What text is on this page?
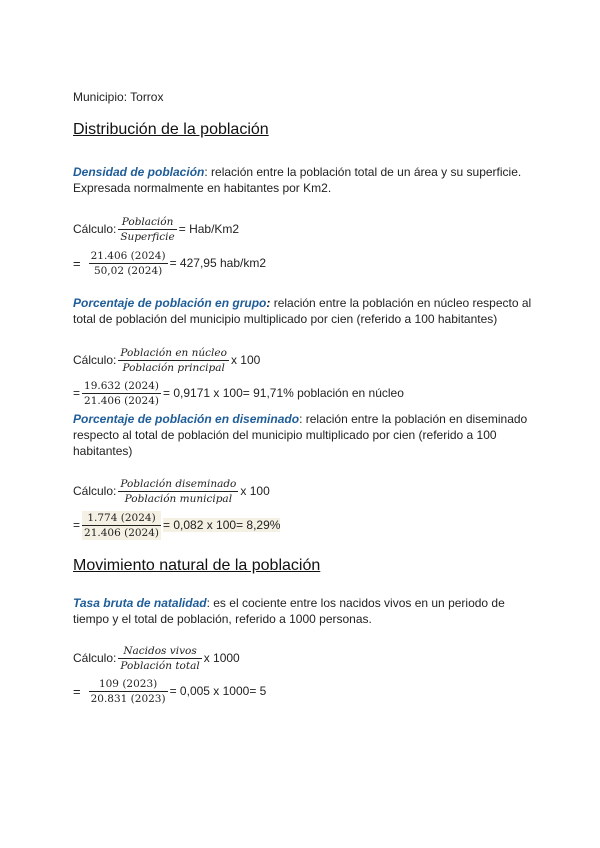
Municipio: Torrox
Distribución de la población
Densidad de población: relación entre la población total de un área y su superficie. Expresada normalmente en habitantes por Km2.
Cálculo: $\frac{\text{Población}}{\text{Superficie}} = Hab/Km2$
= $\frac{21.406 (2024)}{50,02 (2024)} = 427,95$ hab/km2
Porcentaje de población en grupo: relación entre la población en núcleo respecto al total de población del municipio multiplicado por cien (referido a 100 habitantes)
Cálculo: $\frac{\text{Población en núcleo}}{\text{Población principal}}$ x 100
= $\frac{19.632 (2024)}{21.406 (2024)} = 0,9171$ x 100= 91,71% población en núcleo
Porcentaje de población en diseminado: relación entre la población en diseminado respecto al total de población del municipio multiplicado por cien (referido a 100 habitantes)
Cálculo: $\frac{\text{Población diseminado}}{\text{Población municipal}}$ x 100
= $\frac{1.774 (2024)}{21.406 (2024)} = 0,082$ x 100= 8,29%
Movimiento natural de la población
Tasa bruta de natalidad: es el cociente entre los nacidos vivos en un periodo de tiempo y el total de población, referido a 1000 personas.
Cálculo: $\frac{\text{Nacidos vivos}}{\text{Población total}}$ x 1000
= $\frac{109 (2023)}{20.831 (2023)} = 0,005$ x 1000= 5
